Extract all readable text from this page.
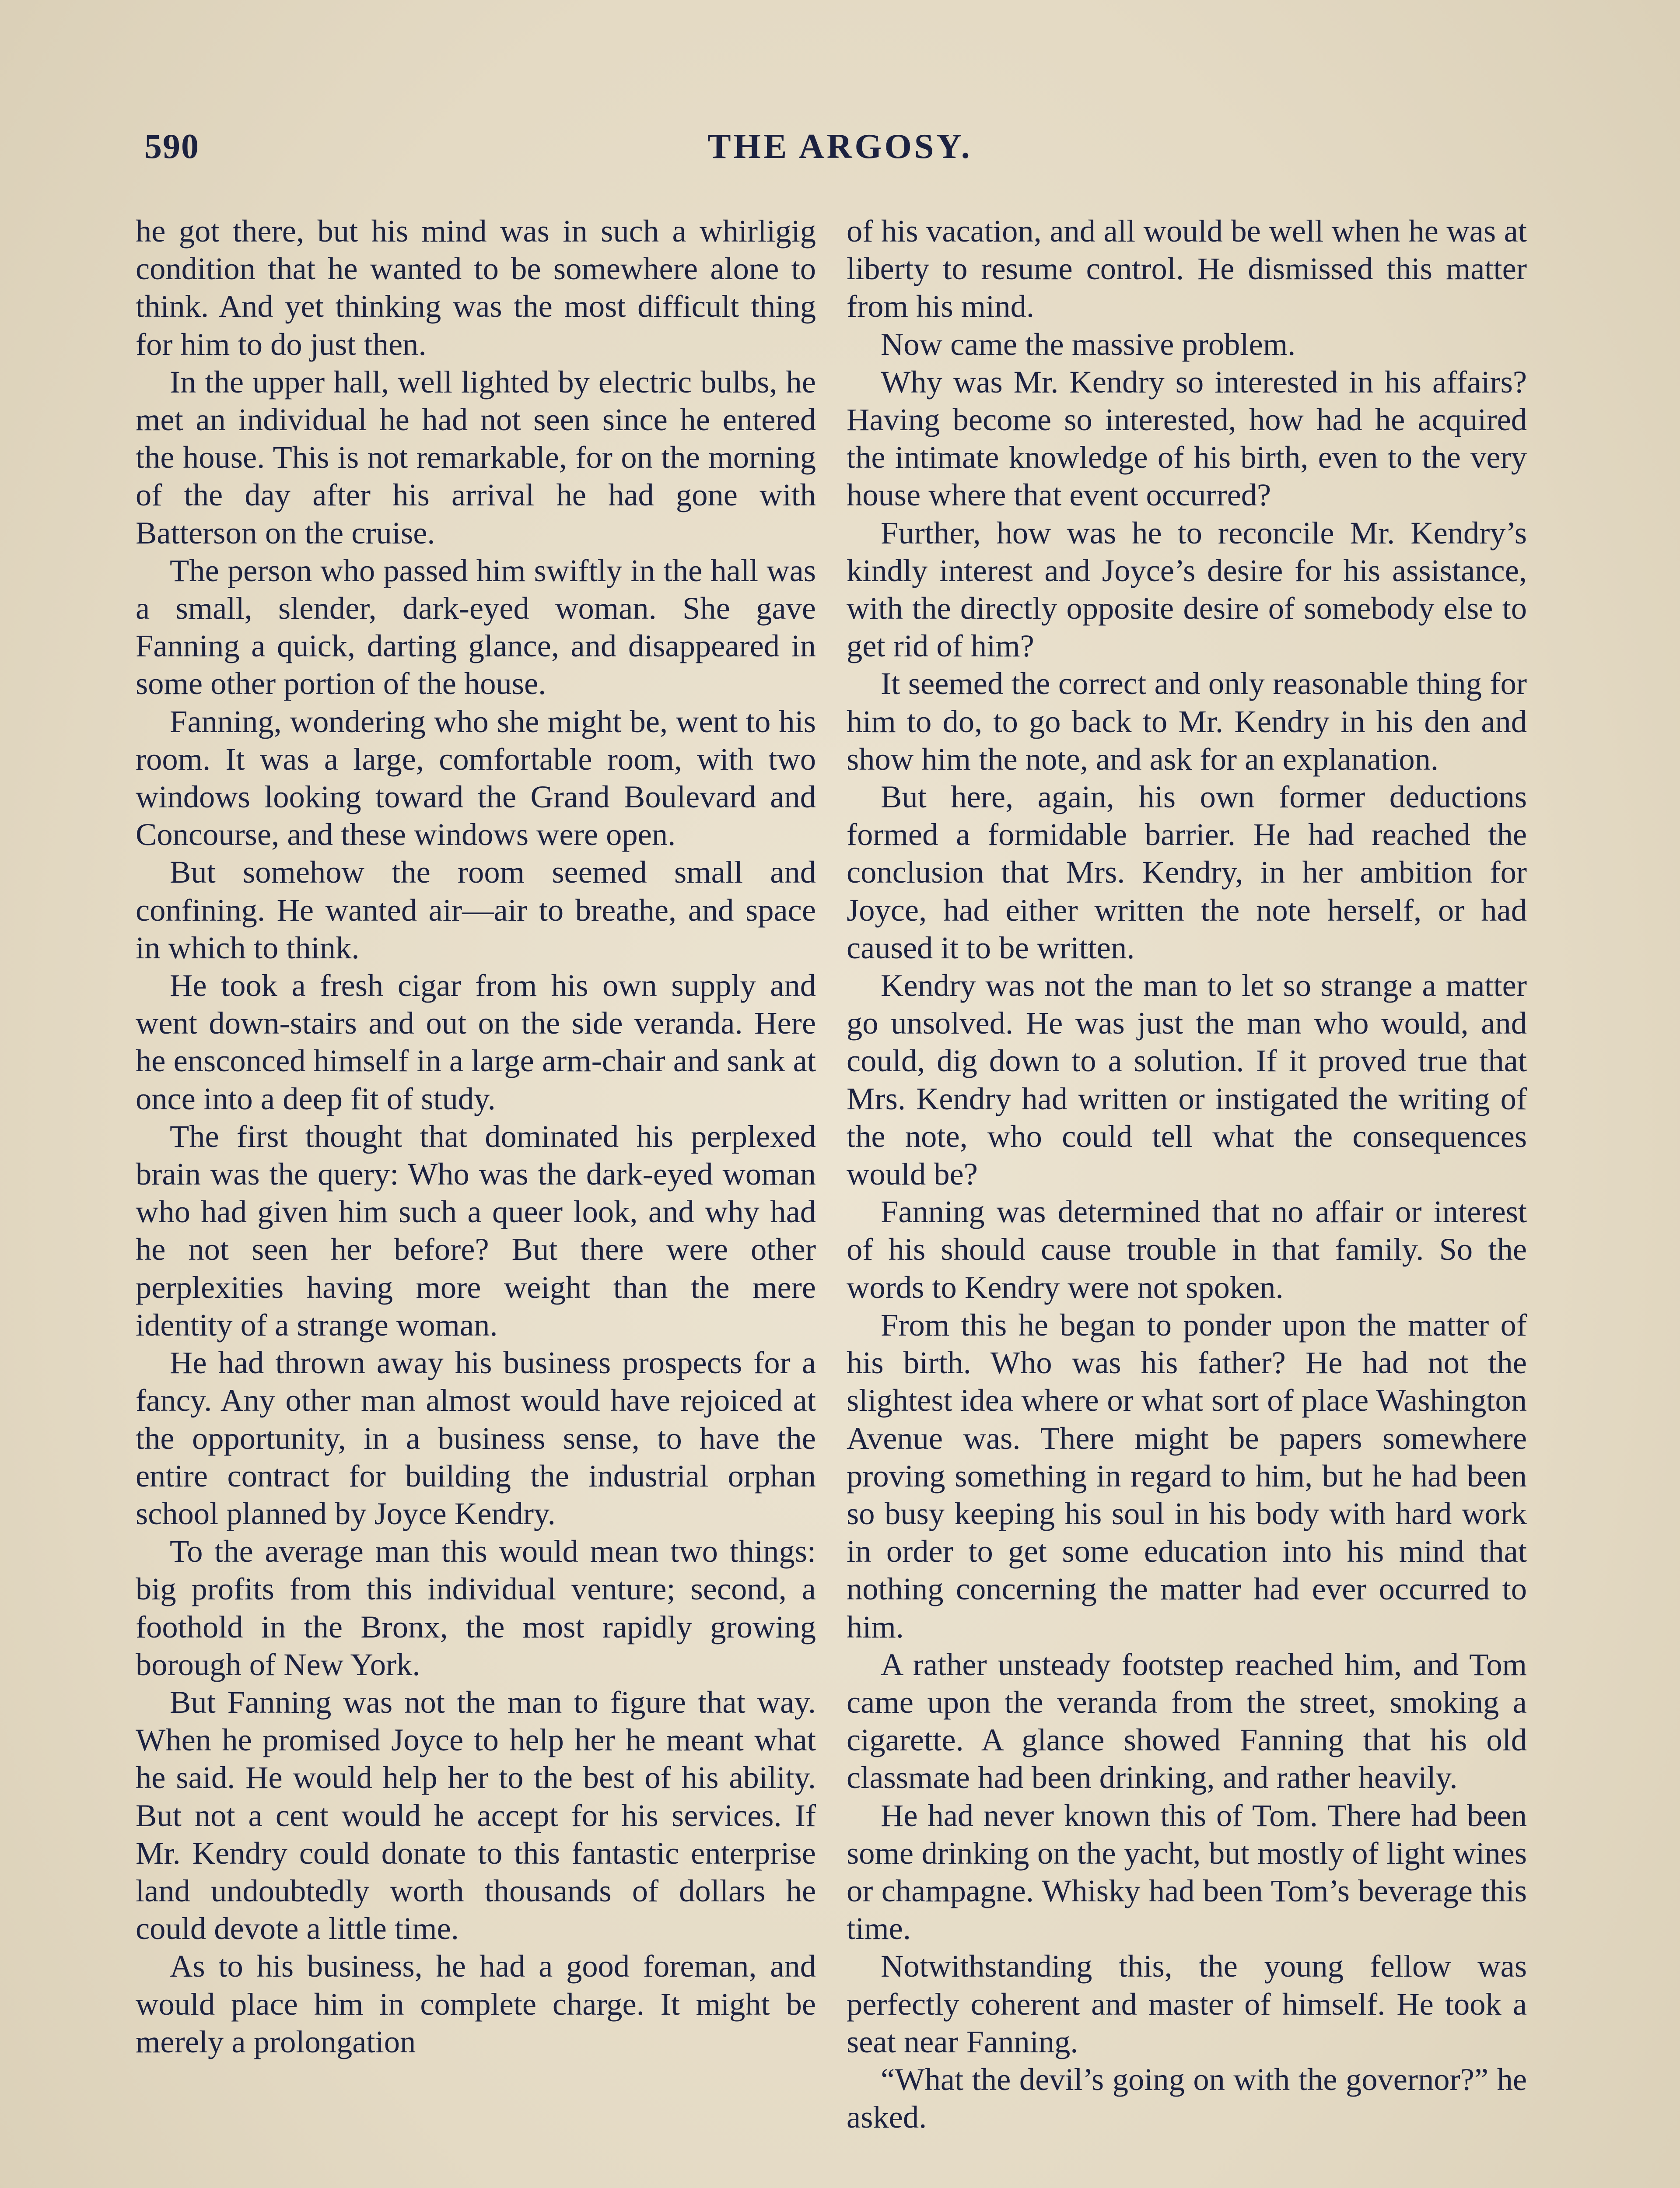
590	THE ARGOSY.

he got there, but his mind was in such a whirligig condition that he wanted to be somewhere alone to think. And yet thinking was the most difficult thing for him to do just then.

In the upper hall, well lighted by electric bulbs, he met an individual he had not seen since he entered the house. This is not remarkable, for on the morning of the day after his arrival he had gone with Batterson on the cruise.

The person who passed him swiftly in the hall was a small, slender, dark-eyed woman. She gave Fanning a quick, darting glance, and disappeared in some other portion of the house.

Fanning, wondering who she might be, went to his room. It was a large, comfortable room, with two windows looking toward the Grand Boulevard and Concourse, and these windows were open.

But somehow the room seemed small and confining. He wanted air—air to breathe, and space in which to think.

He took a fresh cigar from his own supply and went down-stairs and out on the side veranda. Here he ensconced himself in a large arm-chair and sank at once into a deep fit of study.

The first thought that dominated his perplexed brain was the query: Who was the dark-eyed woman who had given him such a queer look, and why had he not seen her before? But there were other perplexities having more weight than the mere identity of a strange woman.

He had thrown away his business prospects for a fancy. Any other man almost would have rejoiced at the opportunity, in a business sense, to have the entire contract for building the industrial orphan school planned by Joyce Kendry.

To the average man this would mean two things: big profits from this individual venture; second, a foothold in the Bronx, the most rapidly growing borough of New York.

But Fanning was not the man to figure that way. When he promised Joyce to help her he meant what he said. He would help her to the best of his ability. But not a cent would he accept for his services. If Mr. Kendry could donate to this fantastic enterprise land undoubtedly worth thousands of dollars he could devote a little time.

As to his business, he had a good foreman, and would place him in complete charge. It might be merely a prolongation

of his vacation, and all would be well when he was at liberty to resume control. He dismissed this matter from his mind.

Now came the massive problem.

Why was Mr. Kendry so interested in his affairs? Having become so interested, how had he acquired the intimate knowledge of his birth, even to the very house where that event occurred?

Further, how was he to reconcile Mr. Kendry’s kindly interest and Joyce’s desire for his assistance, with the directly opposite desire of somebody else to get rid of him?

It seemed the correct and only reasonable thing for him to do, to go back to Mr. Kendry in his den and show him the note, and ask for an explanation.

But here, again, his own former deductions formed a formidable barrier. He had reached the conclusion that Mrs. Kendry, in her ambition for Joyce, had either written the note herself, or had caused it to be written.

Kendry was not the man to let so strange a matter go unsolved. He was just the man who would, and could, dig down to a solution. If it proved true that Mrs. Kendry had written or instigated the writing of the note, who could tell what the consequences would be?

Fanning was determined that no affair or interest of his should cause trouble in that family. So the words to Kendry were not spoken.

From this he began to ponder upon the matter of his birth. Who was his father? He had not the slightest idea where or what sort of place Washington Avenue was. There might be papers somewhere proving something in regard to him, but he had been so busy keeping his soul in his body with hard work in order to get some education into his mind that nothing concerning the matter had ever occurred to him.

A rather unsteady footstep reached him, and Tom came upon the veranda from the street, smoking a cigarette. A glance showed Fanning that his old classmate had been drinking, and rather heavily.

He had never known this of Tom. There had been some drinking on the yacht, but mostly of light wines or champagne. Whisky had been Tom’s beverage this time.

Notwithstanding this, the young fellow was perfectly coherent and master of himself. He took a seat near Fanning.

“What the devil’s going on with the governor?” he asked.
